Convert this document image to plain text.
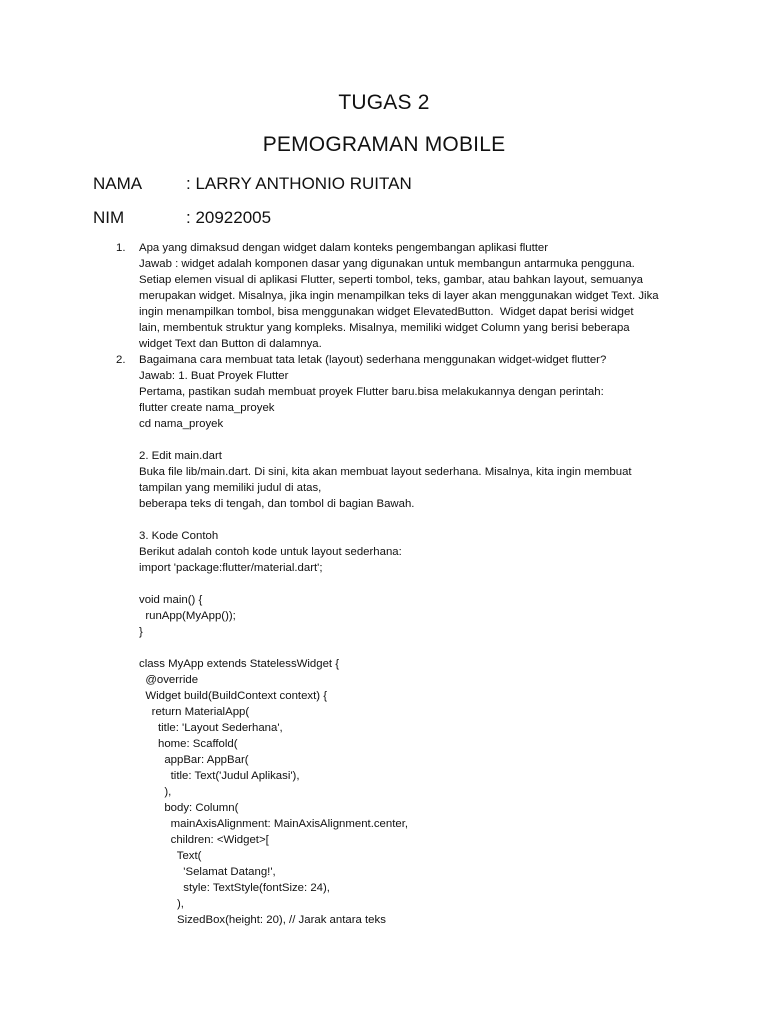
TUGAS 2
PEMOGRAMAN MOBILE
NAMA	: LARRY ANTHONIO RUITAN
NIM	: 20922005
1. Apa yang dimaksud dengan widget dalam konteks pengembangan aplikasi flutter
Jawab : widget adalah komponen dasar yang digunakan untuk membangun antarmuka pengguna.
Setiap elemen visual di aplikasi Flutter, seperti tombol, teks, gambar, atau bahkan layout, semuanya
merupakan widget. Misalnya, jika ingin menampilkan teks di layer akan menggunakan widget Text. Jika
ingin menampilkan tombol, bisa menggunakan widget ElevatedButton.  Widget dapat berisi widget
lain, membentuk struktur yang kompleks. Misalnya, memiliki widget Column yang berisi beberapa
widget Text dan Button di dalamnya.
2. Bagaimana cara membuat tata letak (layout) sederhana menggunakan widget-widget flutter?
Jawab: 1. Buat Proyek Flutter
Pertama, pastikan sudah membuat proyek Flutter baru.bisa melakukannya dengan perintah:
flutter create nama_proyek
cd nama_proyek
2. Edit main.dart
Buka file lib/main.dart. Di sini, kita akan membuat layout sederhana. Misalnya, kita ingin membuat
tampilan yang memiliki judul di atas,
beberapa teks di tengah, dan tombol di bagian Bawah.
3. Kode Contoh
Berikut adalah contoh kode untuk layout sederhana:
import 'package:flutter/material.dart';
void main() {
runApp(MyApp());
}
class MyApp extends StatelessWidget {
@override
Widget build(BuildContext context) {
return MaterialApp(
title: 'Layout Sederhana',
home: Scaffold(
appBar: AppBar(
title: Text('Judul Aplikasi'),
),
body: Column(
mainAxisAlignment: MainAxisAlignment.center,
children: <Widget>[
Text(
'Selamat Datang!',
style: TextStyle(fontSize: 24),
),
SizedBox(height: 20), // Jarak antara teks
